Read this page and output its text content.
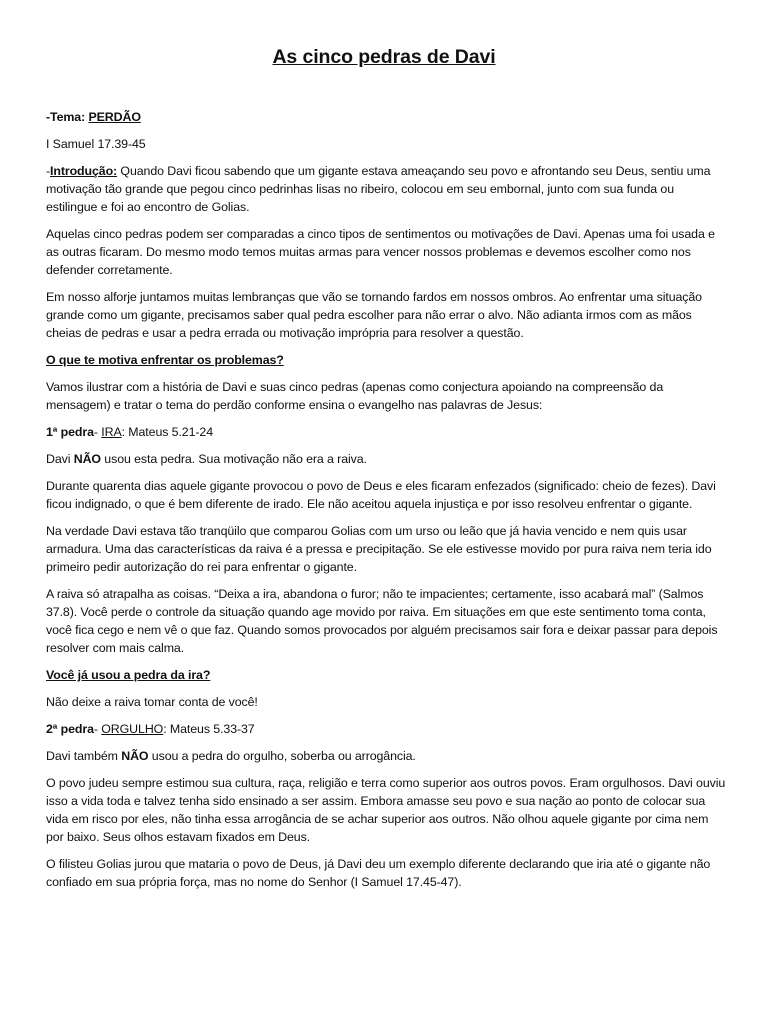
As cinco pedras de Davi

-Tema: PERDÃO

I Samuel 17.39-45

-Introdução: Quando Davi ficou sabendo que um gigante estava ameaçando seu povo e afrontando seu Deus, sentiu uma motivação tão grande que pegou cinco pedrinhas lisas no ribeiro, colocou em seu embornal, junto com sua funda ou estilingue e foi ao encontro de Golias.

Aquelas cinco pedras podem ser comparadas a cinco tipos de sentimentos ou motivações de Davi. Apenas uma foi usada e as outras ficaram. Do mesmo modo temos muitas armas para vencer nossos problemas e devemos escolher como nos defender corretamente.

Em nosso alforje juntamos muitas lembranças que vão se tornando fardos em nossos ombros. Ao enfrentar uma situação grande como um gigante, precisamos saber qual pedra escolher para não errar o alvo. Não adianta irmos com as mãos cheias de pedras e usar a pedra errada ou motivação imprópria para resolver a questão.

O que te motiva enfrentar os problemas?

Vamos ilustrar com a história de Davi e suas cinco pedras (apenas como conjectura apoiando na compreensão da mensagem) e tratar o tema do perdão conforme ensina o evangelho nas palavras de Jesus:

1ª pedra- IRA: Mateus 5.21-24

Davi NÃO usou esta pedra. Sua motivação não era a raiva.

Durante quarenta dias aquele gigante provocou o povo de Deus e eles ficaram enfezados (significado: cheio de fezes). Davi ficou indignado, o que é bem diferente de irado. Ele não aceitou aquela injustiça e por isso resolveu enfrentar o gigante.

Na verdade Davi estava tão tranqüilo que comparou Golias com um urso ou leão que já havia vencido e nem quis usar armadura. Uma das características da raiva é a pressa e precipitação. Se ele estivesse movido por pura raiva nem teria ido primeiro pedir autorização do rei para enfrentar o gigante.

A raiva só atrapalha as coisas. “Deixa a ira, abandona o furor; não te impacientes; certamente, isso acabará mal” (Salmos 37.8). Você perde o controle da situação quando age movido por raiva. Em situações em que este sentimento toma conta, você fica cego e nem vê o que faz. Quando somos provocados por alguém precisamos sair fora e deixar passar para depois resolver com mais calma.

Você já usou a pedra da ira?

Não deixe a raiva tomar conta de você!

2ª pedra- ORGULHO: Mateus 5.33-37

Davi também NÃO usou a pedra do orgulho, soberba ou arrogância.

O povo judeu sempre estimou sua cultura, raça, religião e terra como superior aos outros povos. Eram orgulhosos. Davi ouviu isso a vida toda e talvez tenha sido ensinado a ser assim. Embora amasse seu povo e sua nação ao ponto de colocar sua vida em risco por eles, não tinha essa arrogância de se achar superior aos outros. Não olhou aquele gigante por cima nem por baixo. Seus olhos estavam fixados em Deus.

O filisteu Golias jurou que mataria o povo de Deus, já Davi deu um exemplo diferente declarando que iria até o gigante não confiado em sua própria força, mas no nome do Senhor (I Samuel 17.45-47).
